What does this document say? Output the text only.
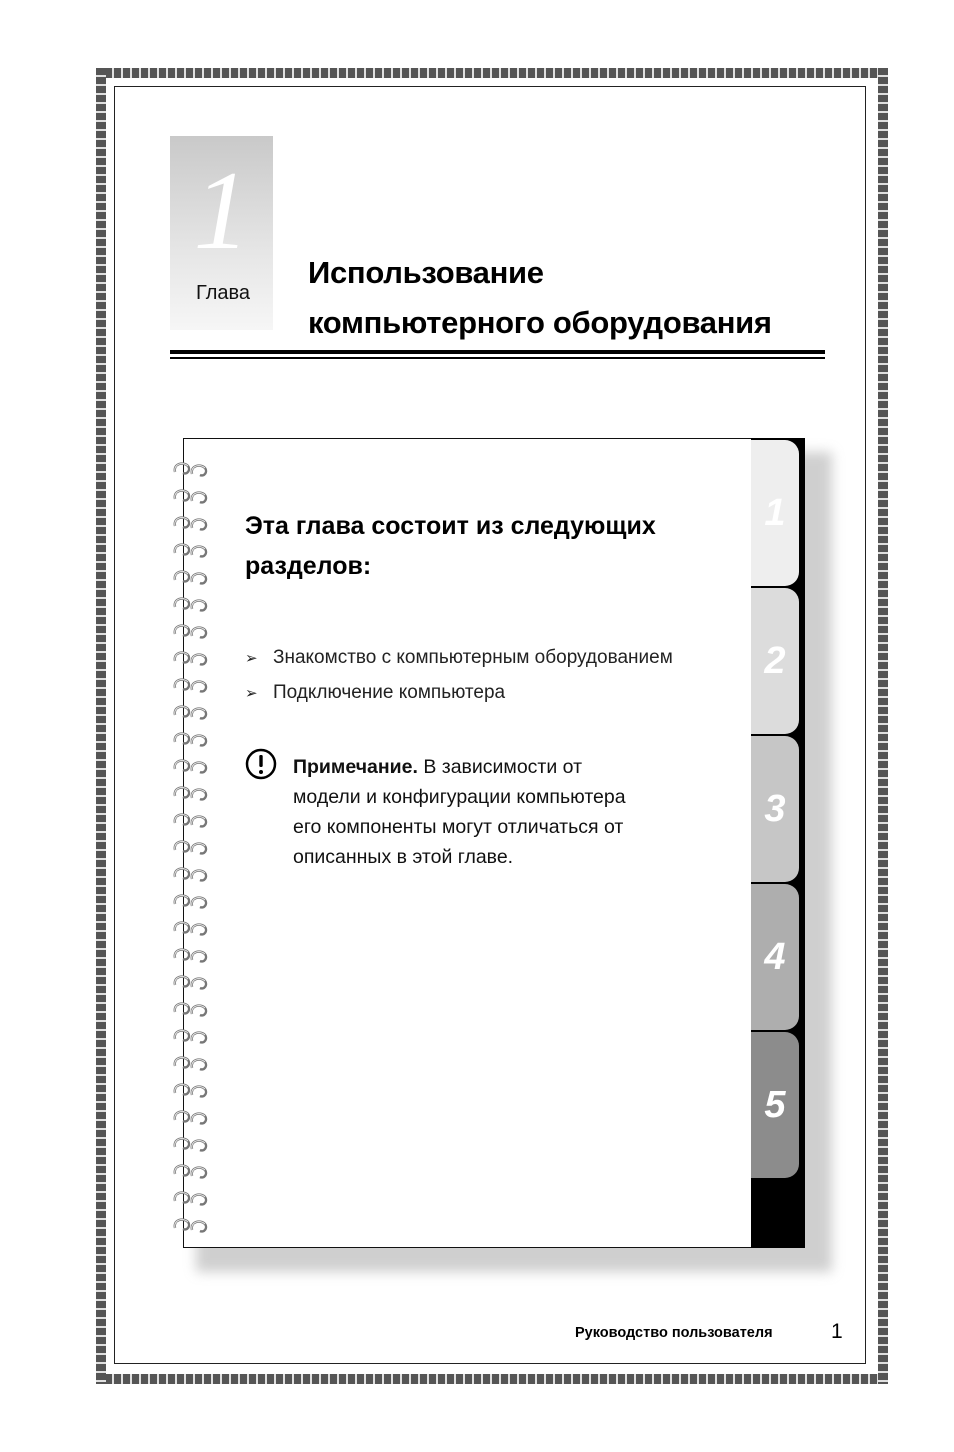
1
Глава
Использование
компьютерного оборудования
1
2
3
4
5
Эта глава состоит из следующих
разделов:
➢ Знакомство с компьютерным оборудованием
➢ Подключение компьютера
Примечание. В зависимости от
модели и конфигурации компьютера
его компоненты могут отличаться от
описанных в этой главе.
Руководство пользователя	1
